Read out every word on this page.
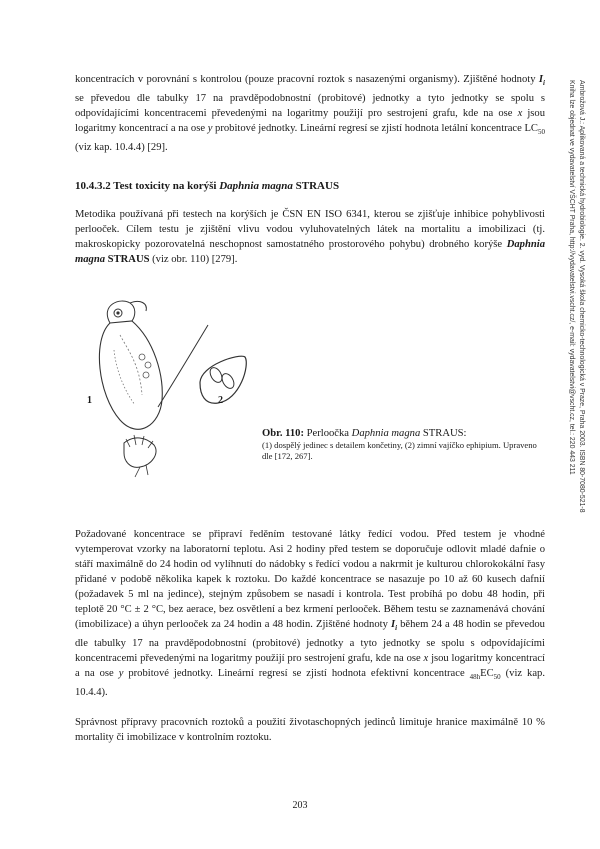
Ambrožová J.: Aplikovaná a technická hydrobiologie. 2. vyd. Vysoká škola chemicko-technologická v Praze, Praha 2003. ISBN 80-7080-521-8
Kniha lze objednat ve vydavatelství VŠCHT Praha, http://vydavatelstvi.vscht.cz/, e-mail: vydavatelstvi@vscht.cz, tel.: 220 443 211

koncentracích v porovnání s kontrolou (pouze pracovní roztok s nasazenými organismy). Zjištěné hodnoty $I_i$ se převedou dle tabulky 17 na pravděpodobnostní (probitové) jednotky a tyto jednotky se spolu s odpovídajícími koncentracemi převedenými na logaritmy použijí pro sestrojení grafu, kde na ose x jsou logaritmy koncentrací a na ose y probitové jednotky. Lineární regresí se zjistí hodnota letální koncentrace $LC_{50}$ (viz kap. 10.4.4) [29].

10.4.3.2 Test toxicity na korýši Daphnia magna STRAUS

Metodika používaná při testech na korýších je ČSN EN ISO 6341, kterou se zjišťuje inhibice pohyblivosti perlooček. Cílem testu je zjištění vlivu vodou vyluhovatelných látek na mortalitu a imobilizaci (tj. makroskopicky pozorovatelná neschopnost samostatného prostorového pohybu) drobného korýše Daphnia magna STRAUS (viz obr. 110) [279].

1	2
Obr. 110: Perloočka Daphnia magna STRAUS:
(1) dospělý jedinec s detailem končetiny, (2) zimní vajíčko ephipium. Upraveno dle [172, 267].

Požadované koncentrace se připraví ředěním testované látky ředící vodou. Před testem je vhodné vytemperovat vzorky na laboratorní teplotu. Asi 2 hodiny před testem se doporučuje odlovit mladé dafnie o stáří maximálně do 24 hodin od vylíhnutí do nádobky s ředící vodou a nakrmit je kulturou chlorokokální řasy přidané v podobě několika kapek k roztoku. Do každé koncentrace se nasazuje po 10 až 60 kusech dafnií (požadavek 5 ml na jedince), stejným způsobem se nasadí i kontrola. Test probíhá po dobu 48 hodin, při teplotě 20 °C ± 2 °C, bez aerace, bez osvětlení a bez krmení perlooček. Během testu se zaznamenává chování (imobilizace) a úhyn perlooček za 24 hodin a 48 hodin. Zjištěné hodnoty $I_i$ během 24 a 48 hodin se převedou dle tabulky 17 na pravděpodobnostní (probitové) jednotky a tyto jednotky se spolu s odpovídajícími koncentracemi převedenými na logaritmy použijí pro sestrojení grafu, kde na ose x jsou logaritmy koncentrací a na ose y probitové jednotky. Lineární regresí se zjistí hodnota efektivní koncentrace $_{48h}EC_{50}$ (viz kap. 10.4.4).

Správnost přípravy pracovních roztoků a použití životaschopných jedinců limituje hranice maximálně 10 % mortality či imobilizace v kontrolním roztoku.

203
